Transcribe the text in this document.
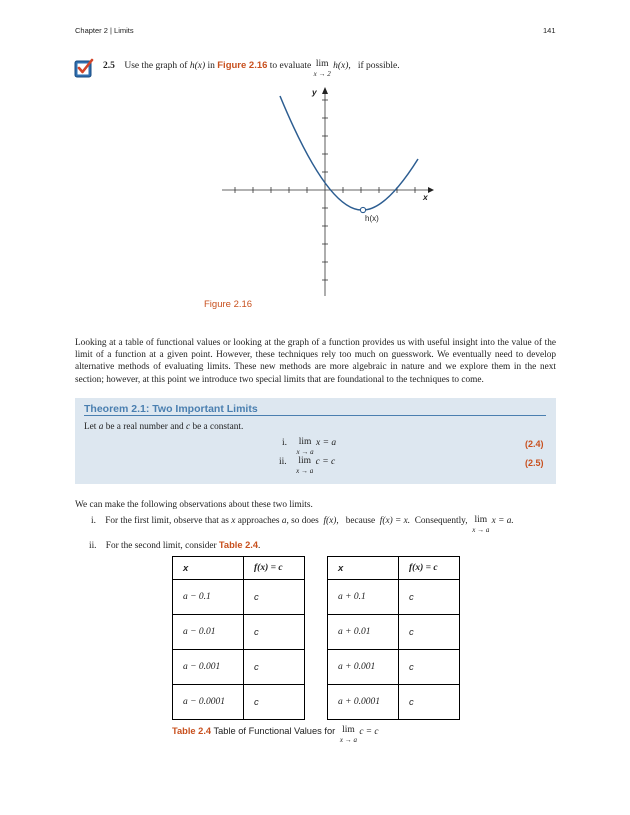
Chapter 2 | Limits	141
2.5 Use the graph of h(x) in Figure 2.16 to evaluate lim
x → 2
h(x), if possible.
y
x
h(x)
Figure 2.16
Looking at a table of functional values or looking at the graph of a function provides us with useful insight into the value of the limit of a function at a given point. However, these techniques rely too much on guesswork. We eventually need to develop alternative methods of evaluating limits. These new methods are more algebraic in nature and we explore them in the next section; however, at this point we introduce two special limits that are foundational to the techniques to come.
Theorem 2.1: Two Important Limits
Let a be a real number and c be a constant.
i. lim
x → a
x = a	(2.4)
ii. lim
x → a
c = c	(2.5)
We can make the following observations about these two limits.
i. For the first limit, observe that as x approaches a, so does f(x), because f(x) = x. Consequently, lim
x → a
x = a.
ii. For the second limit, consider Table 2.4.
x	f(x) = c		x	f(x) = c
a − 0.1	c		a + 0.1	c
a − 0.01	c		a + 0.01	c
a − 0.001	c		a + 0.001	c
a − 0.0001	c		a + 0.0001	c
Table 2.4 Table of Functional Values for lim
x → a
c = c
